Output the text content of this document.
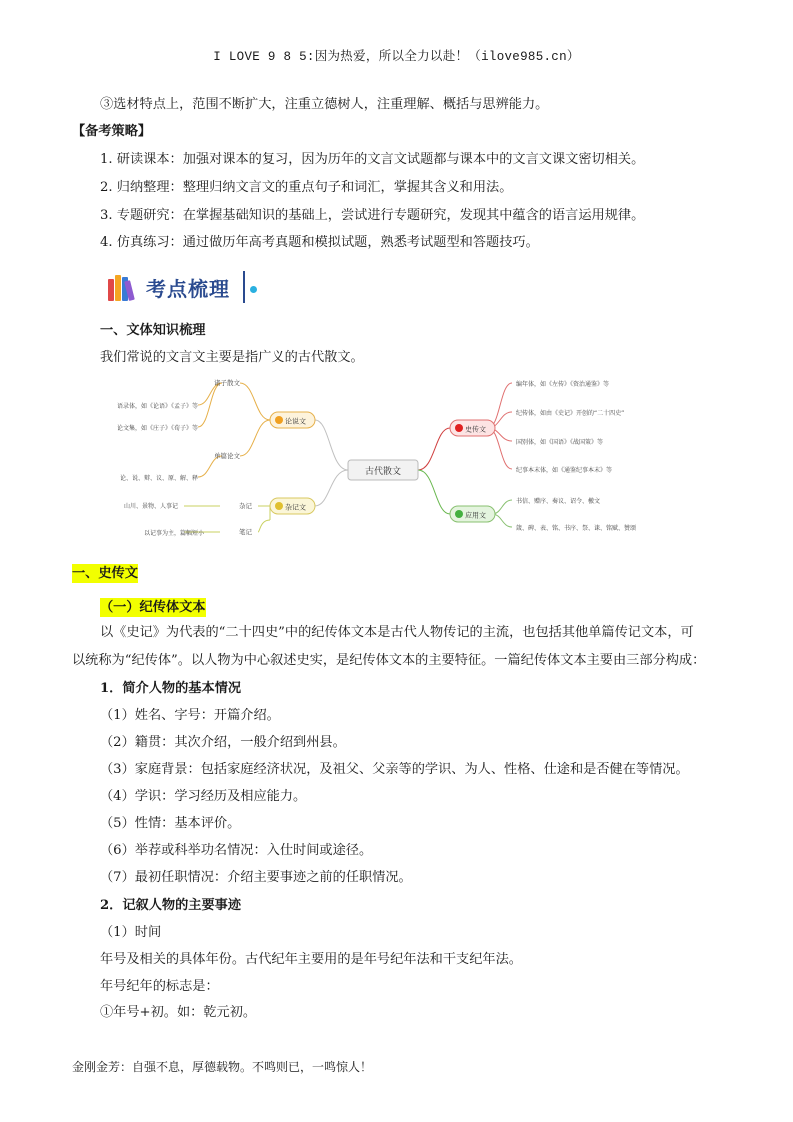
I LOVE 9 8 5:因为热爱，所以全力以赴！（ilove985.cn）
③选材特点上，范围不断扩大，注重立德树人，注重理解、概括与思辨能力。
【备考策略】
1. 研读课本：加强对课本的复习，因为历年的文言文试题都与课本中的文言文课文密切相关。
2. 归纳整理：整理归纳文言文的重点句子和词汇，掌握其含义和用法。
3. 专题研究：在掌握基础知识的基础上，尝试进行专题研究，发现其中蕴含的语言运用规律。
4. 仿真练习：通过做历年高考真题和模拟试题，熟悉考试题型和答题技巧。
考点梳理
一、文体知识梳理
我们常说的文言文主要是指广义的古代散文。
古代散文
论说文
杂记文
诸子散文
语录体，如《论语》《孟子》等
论文集，如《庄子》《荀子》等
单篇论文
论、说、辩、议、原、解、释
杂记
山川、景物、人事记
笔记
以记事为主，篇幅短小
史传文
应用文
编年体，如《左传》《资治通鉴》等
纪传体，如由《史记》开创的“二十四史”
国别体，如《国语》《战国策》等
纪事本末体，如《通鉴纪事本末》等
书信、赠序、奏议、诏令、檄文
箴、碑、表、铭、书序、祭、诔、铭赋、赞颂
一、史传文
（一）纪传体文本
以《史记》为代表的“二十四史”中的纪传体文本是古代人物传记的主流，也包括其他单篇传记文本，可
以统称为“纪传体”。以人物为中心叙述史实，是纪传体文本的主要特征。一篇纪传体文本主要由三部分构成：
1．简介人物的基本情况
（1）姓名、字号：开篇介绍。
（2）籍贯：其次介绍，一般介绍到州县。
（3）家庭背景：包括家庭经济状况，及祖父、父亲等的学识、为人、性格、仕途和是否健在等情况。
（4）学识：学习经历及相应能力。
（5）性情：基本评价。
（6）举荐或科举功名情况：入仕时间或途径。
（7）最初任职情况：介绍主要事迹之前的任职情况。
2．记叙人物的主要事迹
（1）时间
年号及相关的具体年份。古代纪年主要用的是年号纪年法和干支纪年法。
年号纪年的标志是：
①年号+初。如：乾元初。
金刚金芳：自强不息，厚德载物。不鸣则已，一鸣惊人！
